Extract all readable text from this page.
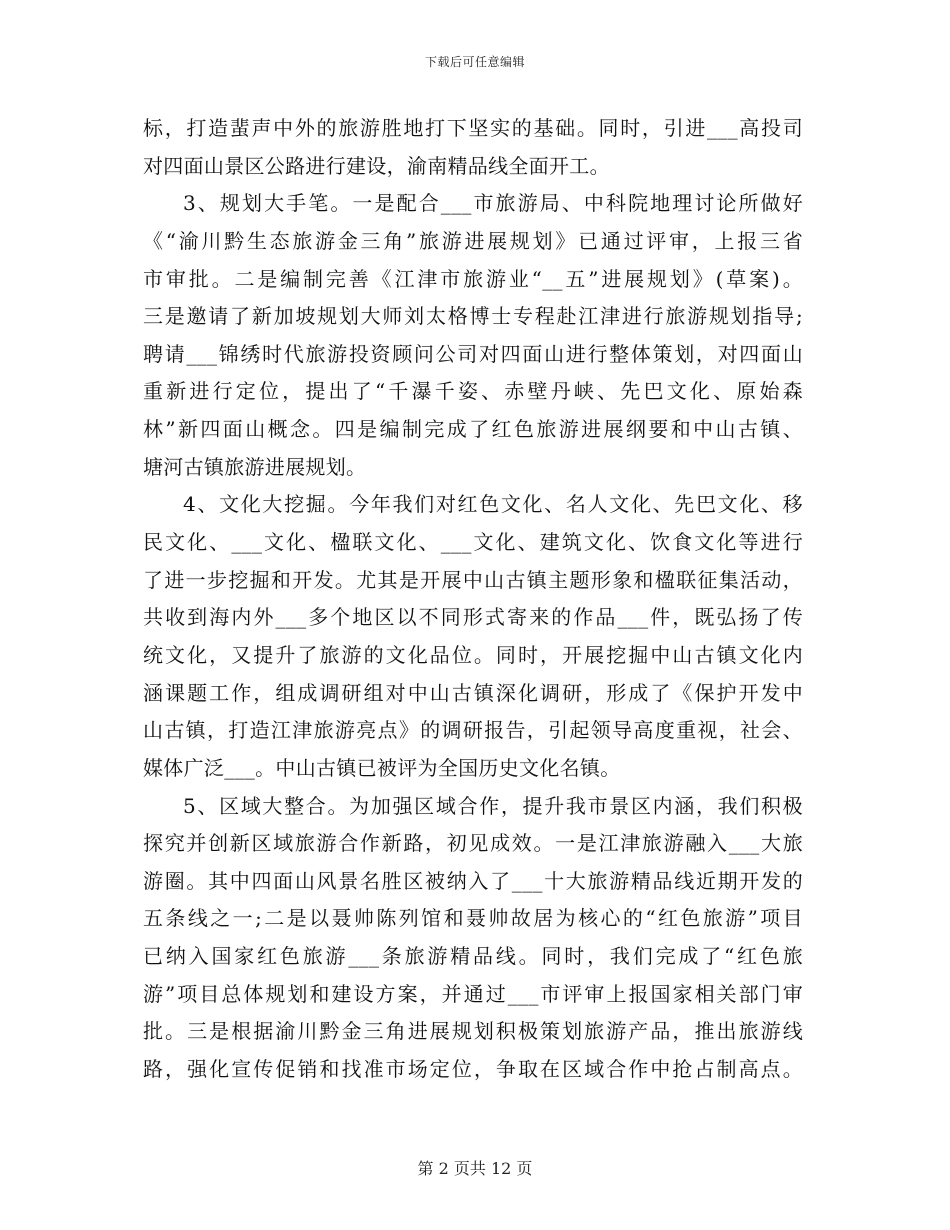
下载后可任意编辑
标，打造蜚声中外的旅游胜地打下坚实的基础。同时，引进___高投司
对四面山景区公路进行建设，渝南精品线全面开工。
3、规划大手笔。一是配合___市旅游局、中科院地理讨论所做好
《“渝川黔生态旅游金三角”旅游进展规划》已通过评审，上报三省
市审批。二是编制完善《江津市旅游业“__五”进展规划》(草案)。
三是邀请了新加坡规划大师刘太格博士专程赴江津进行旅游规划指导;
聘请___锦绣时代旅游投资顾问公司对四面山进行整体策划，对四面山
重新进行定位，提出了“千瀑千姿、赤壁丹峡、先巴文化、原始森
林”新四面山概念。四是编制完成了红色旅游进展纲要和中山古镇、
塘河古镇旅游进展规划。
4、文化大挖掘。今年我们对红色文化、名人文化、先巴文化、移
民文化、___文化、楹联文化、___文化、建筑文化、饮食文化等进行
了进一步挖掘和开发。尤其是开展中山古镇主题形象和楹联征集活动，
共收到海内外___多个地区以不同形式寄来的作品___件，既弘扬了传
统文化，又提升了旅游的文化品位。同时，开展挖掘中山古镇文化内
涵课题工作，组成调研组对中山古镇深化调研，形成了《保护开发中
山古镇，打造江津旅游亮点》的调研报告，引起领导高度重视，社会、
媒体广泛___。中山古镇已被评为全国历史文化名镇。
5、区域大整合。为加强区域合作，提升我市景区内涵，我们积极
探究并创新区域旅游合作新路，初见成效。一是江津旅游融入___大旅
游圈。其中四面山风景名胜区被纳入了___十大旅游精品线近期开发的
五条线之一;二是以聂帅陈列馆和聂帅故居为核心的“红色旅游”项目
已纳入国家红色旅游___条旅游精品线。同时，我们完成了“红色旅
游”项目总体规划和建设方案，并通过___市评审上报国家相关部门审
批。三是根据渝川黔金三角进展规划积极策划旅游产品，推出旅游线
路，强化宣传促销和找准市场定位，争取在区域合作中抢占制高点。
第 2 页共 12 页
